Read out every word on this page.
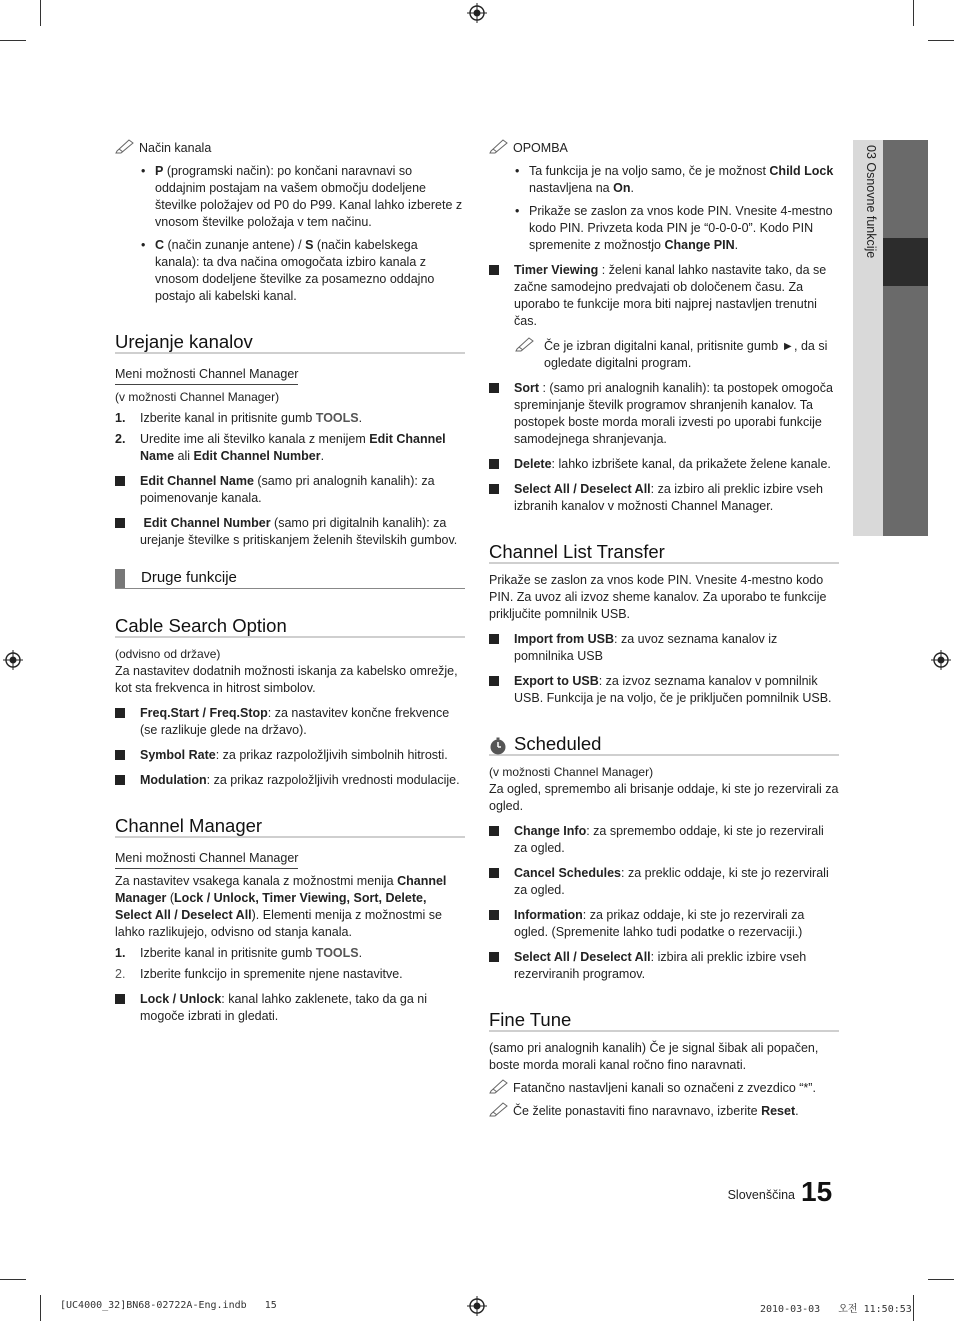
03 Osnovne funkcije
Način kanala
• P (programski način): po končani naravnavi so oddajnim postajam na vašem območju dodeljene številke položajev od P0 do P99. Kanal lahko izberete z vnosom številke položaja v tem načinu.
• C (način zunanje antene) / S (način kabelskega kanala): ta dva načina omogočata izbiro kanala z vnosom dodeljene številke za posamezno oddajno postajo ali kabelski kanal.
Urejanje kanalov
Meni možnosti Channel Manager

(v možnosti Channel Manager)

1. Izberite kanal in pritisnite gumb TOOLS.
2. Uredite ime ali številko kanala z menijem Edit Channel Name ali Edit Channel Number.
Edit Channel Name (samo pri analognih kanalih): za poimenovanje kanala.
Edit Channel Number (samo pri digitalnih kanalih): za urejanje številke s pritiskanjem želenih številskih gumbov.
Druge funkcije
Cable Search Option

(odvisno od države)

Za nastavitev dodatnih možnosti iskanja za kabelsko omrežje, kot sta frekvenca in hitrost simbolov.

Freq.Start / Freq.Stop: za nastavitev končne frekvence (se razlikuje glede na državo).
Symbol Rate: za prikaz razpoložljivih simbolnih hitrosti.
Modulation: za prikaz razpoložljivih vrednosti modulacije.
Channel Manager
Meni možnosti Channel Manager

Za nastavitev vsakega kanala z možnostmi menija Channel Manager (Lock / Unlock, Timer Viewing, Sort, Delete, Select All / Deselect All). Elementi menija z možnostmi se lahko razlikujejo, odvisno od stanja kanala.

1. Izberite kanal in pritisnite gumb TOOLS.
2. Izberite funkcijo in spremenite njene nastavitve.
Lock / Unlock: kanal lahko zaklenete, tako da ga ni mogoče izbrati in gledati.
OPOMBA
• Ta funkcija je na voljo samo, če je možnost Child Lock nastavljena na On.
• Prikaže se zaslon za vnos kode PIN. Vnesite 4-mestno kodo PIN. Privzeta koda PIN je “0-0-0-0”. Kodo PIN spremenite z možnostjo Change PIN.
Timer Viewing : želeni kanal lahko nastavite tako, da se začne samodejno predvajati ob določenem času. Za uporabo te funkcije mora biti najprej nastavljen trenutni čas.
Če je izbran digitalni kanal, pritisnite gumb ►, da si ogledate digitalni program.
Sort : (samo pri analognih kanalih): ta postopek omogoča spreminjanje številk programov shranjenih kanalov. Ta postopek boste morda morali izvesti po uporabi funkcije samodejnega shranjevanja.
Delete: lahko izbrišete kanal, da prikažete želene kanale.
Select All / Deselect All: za izbiro ali preklic izbire vseh izbranih kanalov v možnosti Channel Manager.
Channel List Transfer

Prikaže se zaslon za vnos kode PIN. Vnesite 4-mestno kodo PIN. Za uvoz ali izvoz sheme kanalov. Za uporabo te funkcije priključite pomnilnik USB.

Import from USB: za uvoz seznama kanalov iz pomnilnika USB
Export to USB: za izvoz seznama kanalov v pomnilnik USB. Funkcija je na voljo, če je priključen pomnilnik USB.
Scheduled

(v možnosti Channel Manager)

Za ogled, spremembo ali brisanje oddaje, ki ste jo rezervirali za ogled.

Change Info: za spremembo oddaje, ki ste jo rezervirali za ogled.
Cancel Schedules: za preklic oddaje, ki ste jo rezervirali za ogled.
Information: za prikaz oddaje, ki ste jo rezervirali za ogled. (Spremenite lahko tudi podatke o rezervaciji.)
Select All / Deselect All: izbira ali preklic izbire vseh rezerviranih programov.
Fine Tune

(samo pri analognih kanalih) Če je signal šibak ali popačen, boste morda morali kanal ročno fino naravnati.

Fatančno nastavljeni kanali so označeni z zvezdico “*”.
Če želite ponastaviti fino naravnavo, izberite Reset.
Slovenščina 15
[UC4000_32]BN68-02722A-Eng.indb   15	2010-03-03   오전 11:50:53
